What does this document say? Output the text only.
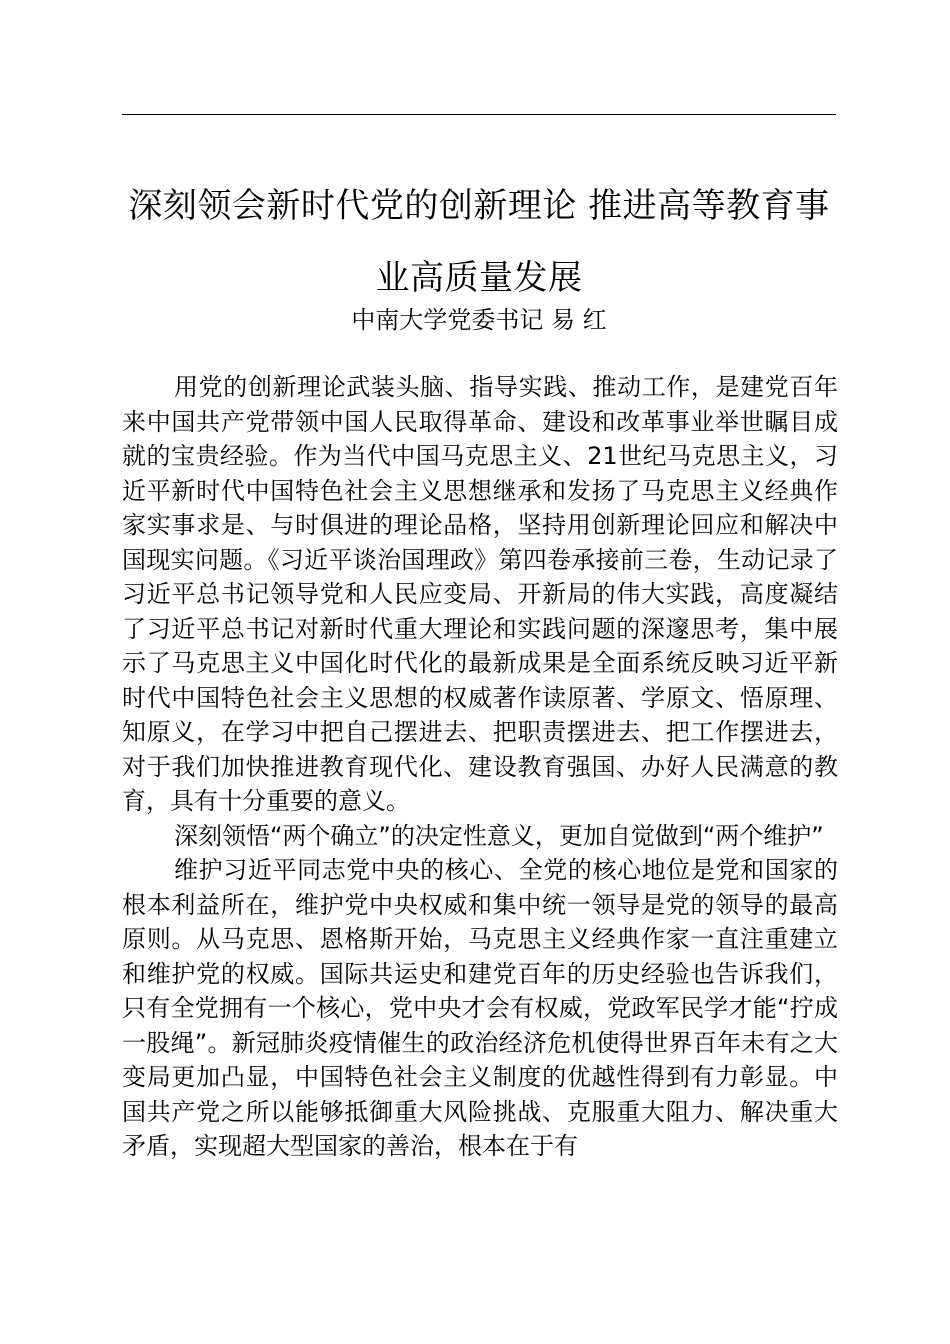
深刻领会新时代党的创新理论 推进高等教育事
业高质量发展
中南大学党委书记 易 红

用党的创新理论武装头脑、指导实践、推动工作，是建党百年来中国共产党带领中国人民取得革命、建设和改革事业举世瞩目成就的宝贵经验。作为当代中国马克思主义、21世纪马克思主义，习近平新时代中国特色社会主义思想继承和发扬了马克思主义经典作家实事求是、与时俱进的理论品格，坚持用创新理论回应和解决中国现实问题。《习近平谈治国理政》第四卷承接前三卷，生动记录了习近平总书记领导党和人民应变局、开新局的伟大实践，高度凝结了习近平总书记对新时代重大理论和实践问题的深邃思考，集中展示了马克思主义中国化时代化的最新成果是全面系统反映习近平新时代中国特色社会主义思想的权威著作读原著、学原文、悟原理、知原义，在学习中把自己摆进去、把职责摆进去、把工作摆进去，对于我们加快推进教育现代化、建设教育强国、办好人民满意的教育，具有十分重要的意义。

深刻领悟“两个确立”的决定性意义，更加自觉做到“两个维护”

维护习近平同志党中央的核心、全党的核心地位是党和国家的根本利益所在，维护党中央权威和集中统一领导是党的领导的最高原则。从马克思、恩格斯开始，马克思主义经典作家一直注重建立和维护党的权威。国际共运史和建党百年的历史经验也告诉我们，只有全党拥有一个核心，党中央才会有权威，党政军民学才能“拧成一股绳”。新冠肺炎疫情催生的政治经济危机使得世界百年未有之大变局更加凸显，中国特色社会主义制度的优越性得到有力彰显。中国共产党之所以能够抵御重大风险挑战、克服重大阻力、解决重大矛盾，实现超大型国家的善治，根本在于有
